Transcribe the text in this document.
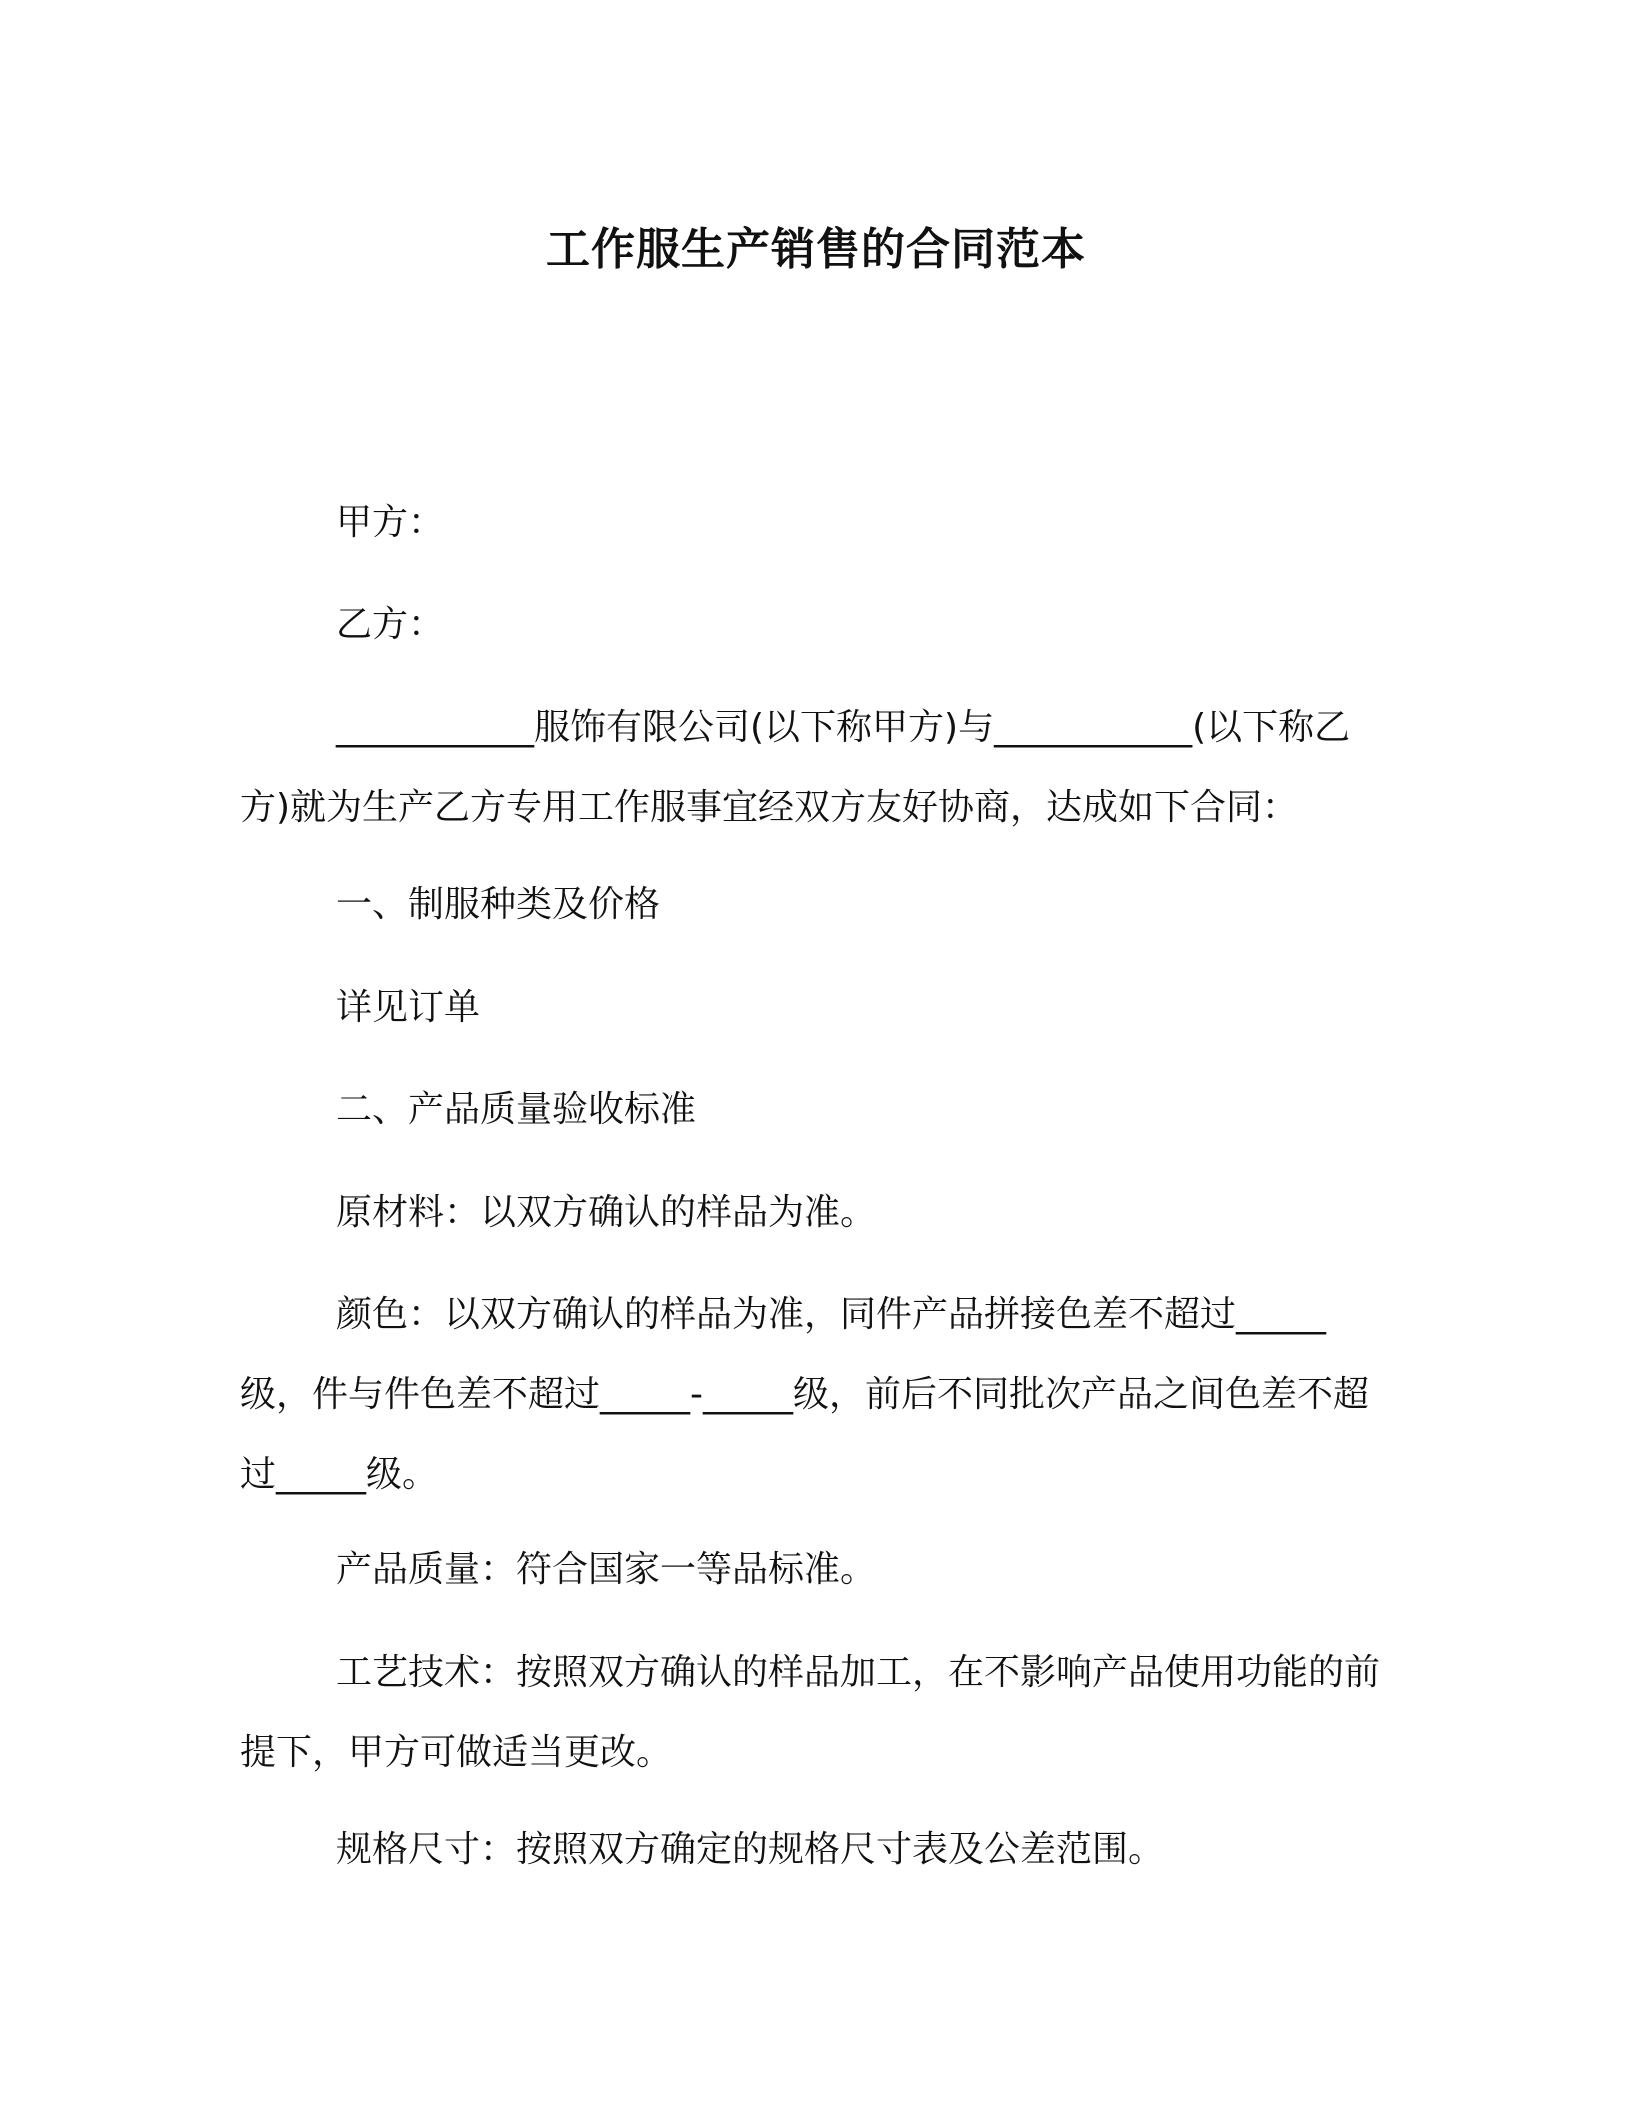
工作服生产销售的合同范本

甲方：

乙方：

___________服饰有限公司(以下称甲方)与___________(以下称乙方)就为生产乙方专用工作服事宜经双方友好协商，达成如下合同：

一、制服种类及价格

详见订单

二、产品质量验收标准

原材料：以双方确认的样品为准。

颜色：以双方确认的样品为准，同件产品拼接色差不超过_____级，件与件色差不超过_____-_____级，前后不同批次产品之间色差不超过_____级。

产品质量：符合国家一等品标准。

工艺技术：按照双方确认的样品加工，在不影响产品使用功能的前提下，甲方可做适当更改。

规格尺寸：按照双方确定的规格尺寸表及公差范围。
